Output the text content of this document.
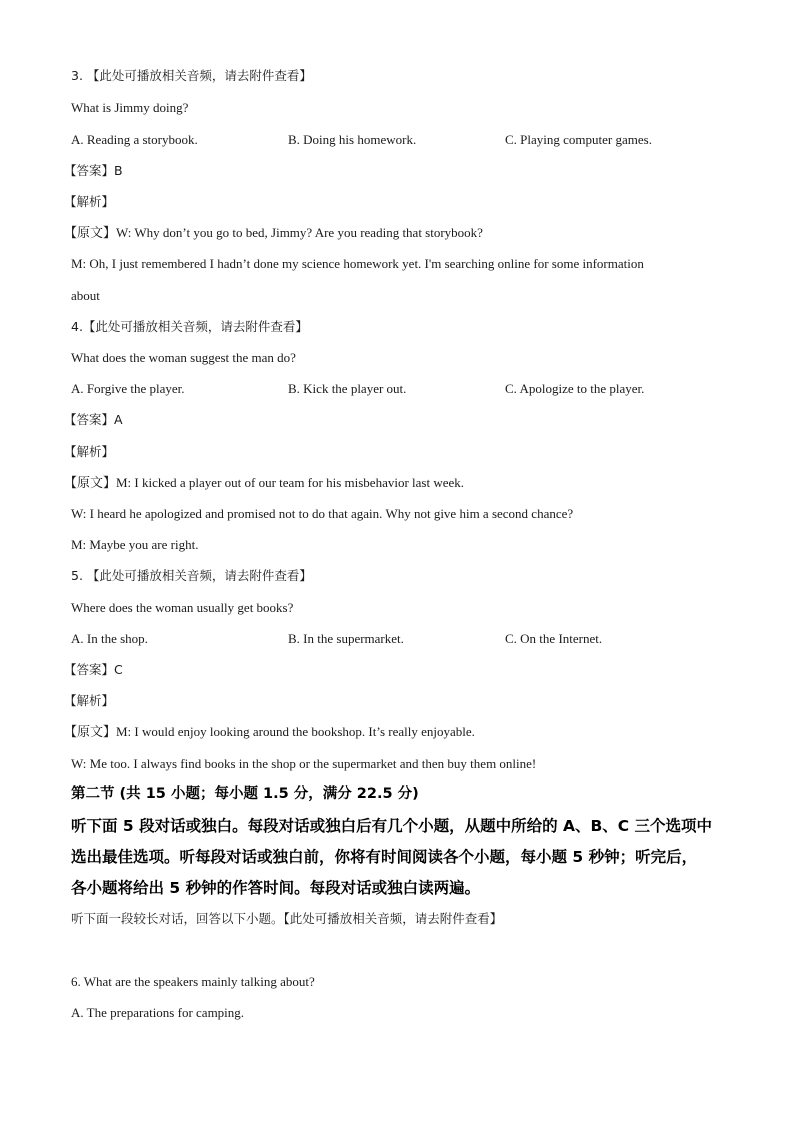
3. 【此处可播放相关音频，请去附件查看】
What is Jimmy doing?
A. Reading a storybook.	B. Doing his homework.	C. Playing computer games.
【答案】B
【解析】
【原文】W: Why don’t you go to bed, Jimmy? Are you reading that storybook?
M: Oh, I just remembered I hadn’t done my science homework yet. I'm searching online for some information
about
4.【此处可播放相关音频，请去附件查看】
What does the woman suggest the man do?
A. Forgive the player.	B. Kick the player out.	C. Apologize to the player.
【答案】A
【解析】
【原文】M: I kicked a player out of our team for his misbehavior last week.
W: I heard he apologized and promised not to do that again. Why not give him a second chance?
M: Maybe you are right.
5. 【此处可播放相关音频，请去附件查看】
Where does the woman usually get books?
A. In the shop.	B. In the supermarket.	C. On the Internet.
【答案】C
【解析】
【原文】M: I would enjoy looking around the bookshop. It’s really enjoyable.
W: Me too. I always find books in the shop or the supermarket and then buy them online!
第二节 (共 15 小题；每小题 1.5 分，满分 22.5 分)
听下面 5 段对话或独白。每段对话或独白后有几个小题，从题中所给的 A、B、C 三个选项中
选出最佳选项。听每段对话或独白前，你将有时间阅读各个小题，每小题 5 秒钟；听完后，
各小题将给出 5 秒钟的作答时间。每段对话或独白读两遍。
听下面一段较长对话，回答以下小题。【此处可播放相关音频，请去附件查看】
6. What are the speakers mainly talking about?
A. The preparations for camping.
